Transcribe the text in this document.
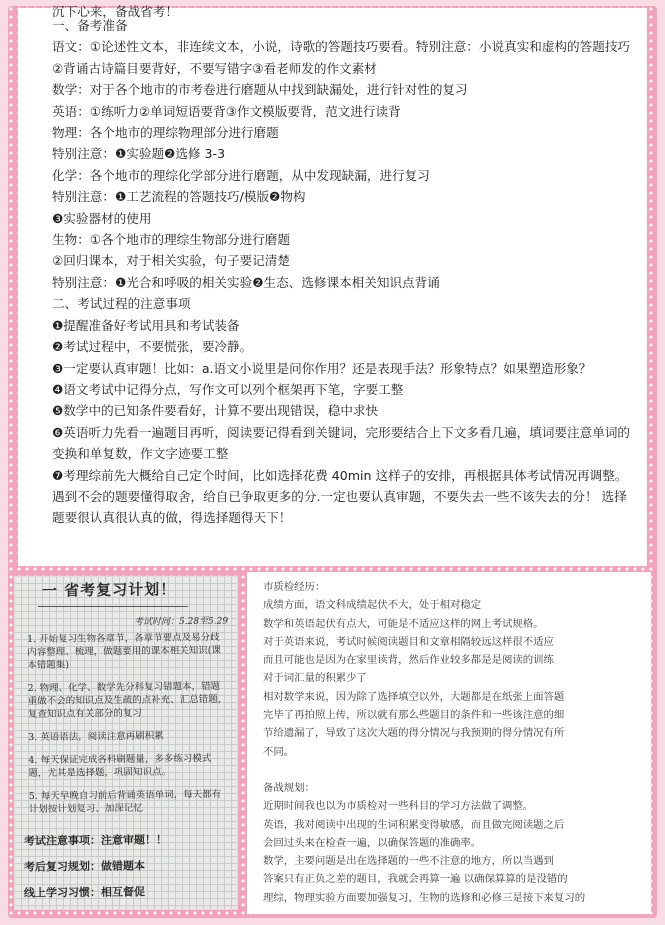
沉下心来，备战省考！

一、备考准备

语文：①论述性文本，非连续文本，小说，诗歌的答题技巧要看。特别注意：小说真实和虚构的答题技巧 ②背诵古诗篇目要背好，不要写错字③看老师发的作文素材

数学：对于各个地市的市考卷进行磨题从中找到缺漏处，进行针对性的复习

英语：①练听力②单词短语要背③作文模版要背，范文进行读背

物理：各个地市的理综物理部分进行磨题

特别注意：❶实验题❷选修 3-3

化学：各个地市的理综化学部分进行磨题，从中发现缺漏，进行复习

特别注意：❶工艺流程的答题技巧/模版❷物构

❸实验器材的使用

生物：①各个地市的理综生物部分进行磨题

②回归课本，对于相关实验，句子要记清楚

特别注意：❶光合和呼吸的相关实验❷生态、选修课本相关知识点背诵

二、考试过程的注意事项

❶提醒准备好考试用具和考试装备

❷考试过程中，不要慌张，要冷静。

❸一定要认真审题！比如：a.语文小说里是问你作用？还是表现手法？形象特点？如果塑造形象？

❹语文考试中记得分点，写作文可以列个框架再下笔，字要工整

❺数学中的已知条件要看好，计算不要出现错误，稳中求快

❻英语听力先看一遍题目再听，阅读要记得看到关键词，完形要结合上下文多看几遍，填词要注意单词的变换和单复数，作文字迹要工整

❼考理综前先大概给自己定个时间，比如选择花费 40min 这样子的安排，再根据具体考试情况再调整。遇到不会的题要懂得取舍，给自已争取更多的分.一定也要认真审题，不要失去一些不该失去的分！ 选择题要很认真很认真的做，得选择题得天下！

一 省考复习计划！
考试时间：5.28至5.29
1. 开始复习生物各章节，各章节要点及易分歧内容整理、梳理，做题要用的课本相关知识(课本错题集)
2. 物理、化学、数学先分科复习错题本，错题重做不会的知识点及生疏的点补充、汇总错题，复查知识点有关部分的复习
3. 英语语法，阅读注意再刷积累
4. 每天保证完成各科刷题量，多多练习模式题，尤其是选择题，巩固知识点。
5. 每天早晚自习前后背诵英语单词，每天都有计划按计划复习、加深记忆
考试注意事项：注意审题！！
考后复习规划：做错题本
线上学习习惯：相互督促

市质检经历：

成绩方面，语文科成绩起伏不大，处于相对稳定

数学和英语起伏有点大，可能是不适应这样的网上考试规格。

对于英语来说，考试时候阅读题目和文章相隔较远这样很不适应

而且可能也是因为在家里读背，然后作业较多都是是阅读的训练

对于词汇量的积累少了

相对数学来说，因为除了选择填空以外，大题都是在纸张上面答题

完毕了再拍照上传，所以就有那么些题目的条件和一些该注意的细

节给遗漏了，导致了这次大题的得分情况与我预期的得分情况有所

不同。

备战规划：

近期时间我也以为市质检对一些科目的学习方法做了调整。

英语，我对阅读中出现的生词积累变得敏感，而且做完阅读题之后

会回过头来在检查一遍，以确保答题的准确率。

数学，主要问题是出在选择题的一些不注意的地方，所以当遇到

答案只有正负之差的题目，我就会再算一遍 以确保算算的是没错的

理综，物理实验方面要加强复习，生物的选修和必修三是接下来复习的
